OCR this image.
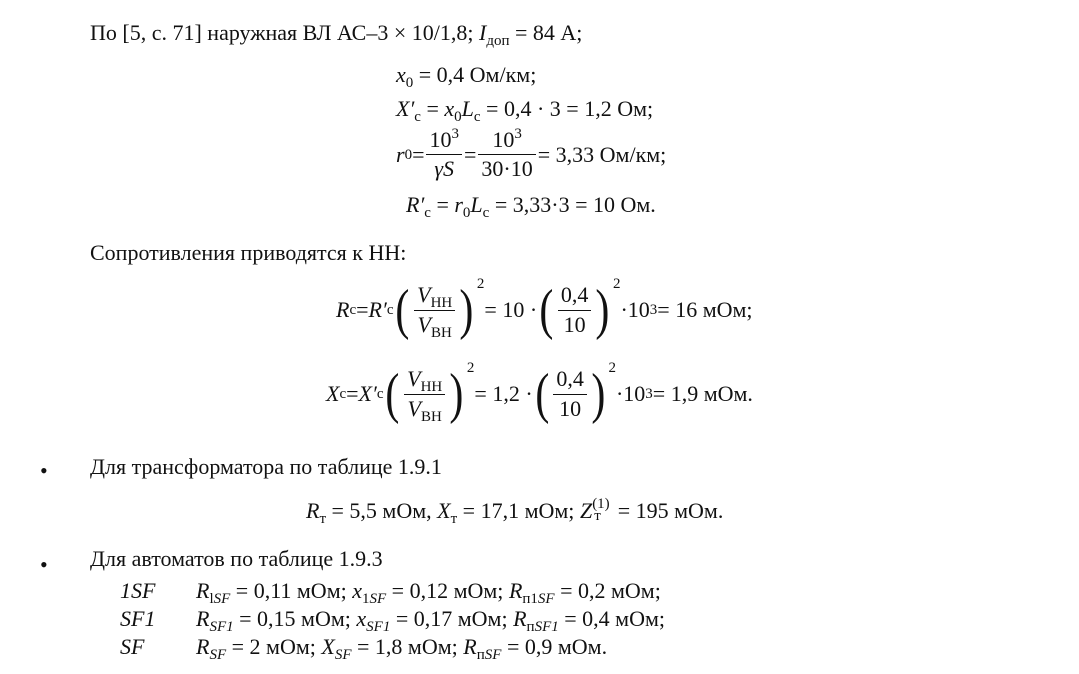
По [5, с. 71] наружная ВЛ АС–3 × 10/1,8; $I_{доп} = 84$ А;
$x_0 = 0,4$ Ом/км;
$X'_с = x_0L_с = 0,4 \cdot 3 = 1,2$ Ом;
r $0 = \frac{10^3}{\gamma S} = \frac{10^3}{30\cdot 10} = 3,33$ Ом/км;
$R'_с = r_0L_с = 3,33\cdot 3 = 10$ Ом.
Сопротивления приводятся к НН:
R с = R ′ с ( $\frac{V_{НН}}{V_{ВН}}$ ) 2
= 10 · ( $\frac{0,4}{10}$ ) 2
·10 3 = 16 мОм;
X с = X ′ с ( $\frac{V_{НН}}{V_{ВН}}$ ) 2
= 1,2 · ( $\frac{0,4}{10}$ ) 2
·10 3 = 1,9 мОм.
• Для трансформатора по таблице 1.9.1
$R_т = 5,5$ мОм, $X_т = 17,1$ мОм; Z (1)
т = 195 мОм.
• Для автоматов по таблице 1.9.3
1SF $R_{lSF} = 0,11$ мОм; $x_{1SF} = 0,12$ мОм; $R_{п1SF} = 0,2$ мОм;
SF1 $R_{SF1} = 0,15$ мОм; $x_{SF1} = 0,17$ мОм; $R_{пSF1} = 0,4$ мОм;
SF $R_{SF} = 2$ мОм; $X_{SF} = 1,8$ мОм; $R_{пSF} = 0,9$ мОм.
